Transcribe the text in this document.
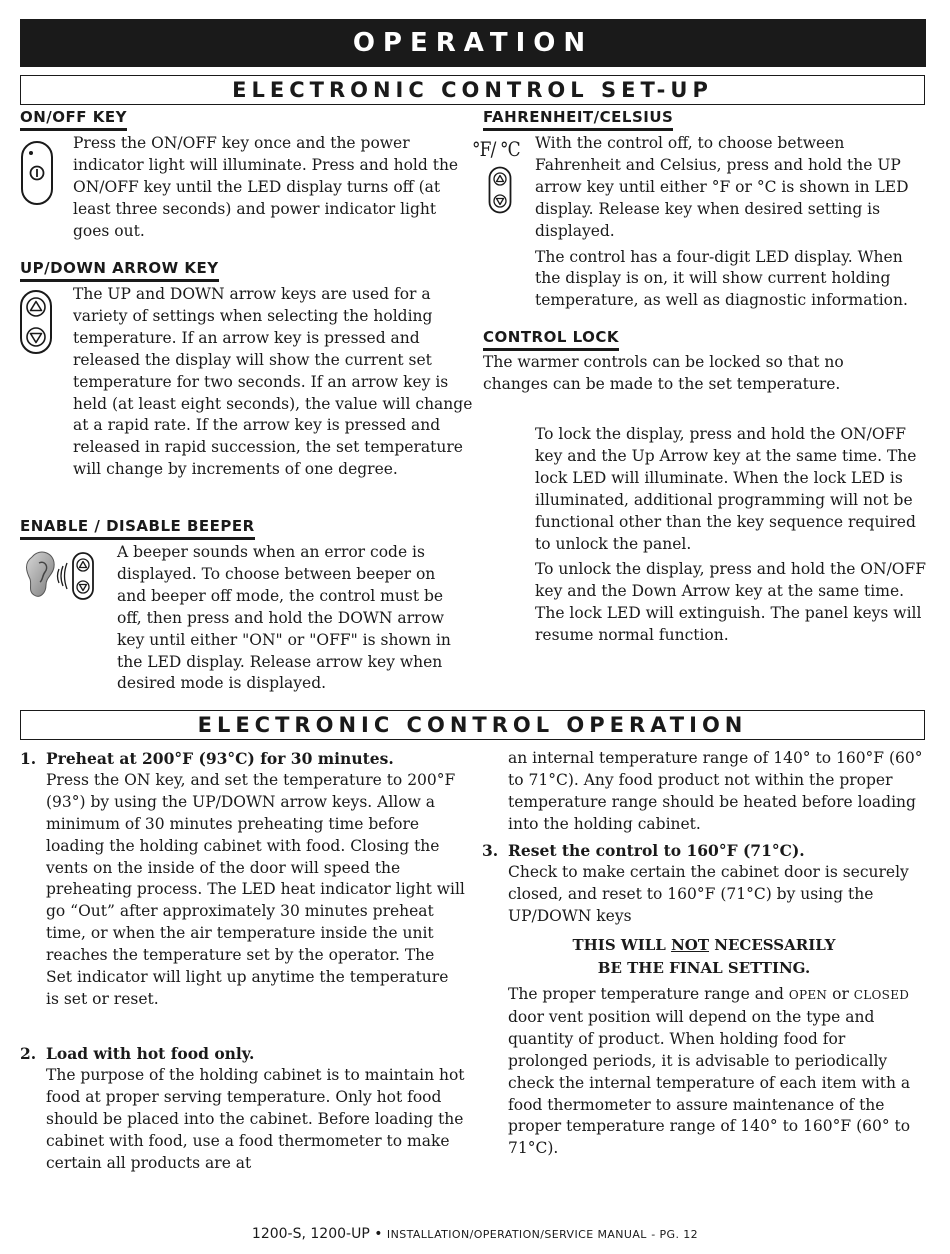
OPERATION
ELECTRONIC CONTROL SET-UP
ON/OFF KEY
Press the ON/OFF key once and the power indicator light will illuminate. Press and hold the ON/OFF key until the LED display turns off (at least three seconds) and power indicator light goes out.
UP/DOWN ARROW KEY
The UP and DOWN arrow keys are used for a variety of settings when selecting the holding temperature. If an arrow key is pressed and released the display will show the current set temperature for two seconds. If an arrow key is held (at least eight seconds), the value will change at a rapid rate. If the arrow key is pressed and released in rapid succession, the set temperature will change by increments of one degree.
ENABLE / DISABLE BEEPER
A beeper sounds when an error code is displayed. To choose between beeper on and beeper off mode, the control must be off, then press and hold the DOWN arrow key until either "ON" or "OFF" is shown in the LED display. Release arrow key when desired mode is displayed.
FAHRENHEIT/CELSIUS
°F/ °C With the control off, to choose between Fahrenheit and Celsius, press and hold the UP arrow key until either °F or °C is shown in LED display. Release key when desired setting is displayed.

The control has a four-digit LED display. When the display is on, it will show current holding temperature, as well as diagnostic information.

CONTROL LOCK
The warmer controls can be locked so that no changes can be made to the set temperature.

To lock the display, press and hold the ON/OFF key and the Up Arrow key at the same time. The lock LED will illuminate. When the lock LED is illuminated, additional programming will not be functional other than the key sequence required to unlock the panel.

To unlock the display, press and hold the ON/OFF key and the Down Arrow key at the same time. The lock LED will extinguish. The panel keys will resume normal function.

ELECTRONIC CONTROL OPERATION
1. Preheat at 200°F (93°C) for 30 minutes.
Press the ON key, and set the temperature to 200°F (93°) by using the UP/DOWN arrow keys. Allow a minimum of 30 minutes preheating time before loading the holding cabinet with food. Closing the vents on the inside of the door will speed the preheating process. The LED heat indicator light will go “Out” after approximately 30 minutes preheat time, or when the air temperature inside the unit reaches the temperature set by the operator. The Set indicator will light up anytime the temperature is set or reset.
2. Load with hot food only.
The purpose of the holding cabinet is to maintain hot food at proper serving temperature. Only hot food should be placed into the cabinet. Before loading the cabinet with food, use a food thermometer to make certain all products are at
an internal temperature range of 140° to 160°F (60° to 71°C). Any food product not within the proper temperature range should be heated before loading into the holding cabinet.
3. Reset the control to 160°F (71°C).
Check to make certain the cabinet door is securely closed, and reset to 160°F (71°C) by using the UP/DOWN keys
THIS WILL NOT NECESSARILY
BE THE FINAL SETTING.
The proper temperature range and OPEN or CLOSED door vent position will depend on the type and quantity of product. When holding food for prolonged periods, it is advisable to periodically check the internal temperature of each item with a food thermometer to assure maintenance of the proper temperature range of 140° to 160°F (60° to 71°C).
1200-S, 1200-UP • INSTALLATION/OPERATION/SERVICE MANUAL - PG. 12
